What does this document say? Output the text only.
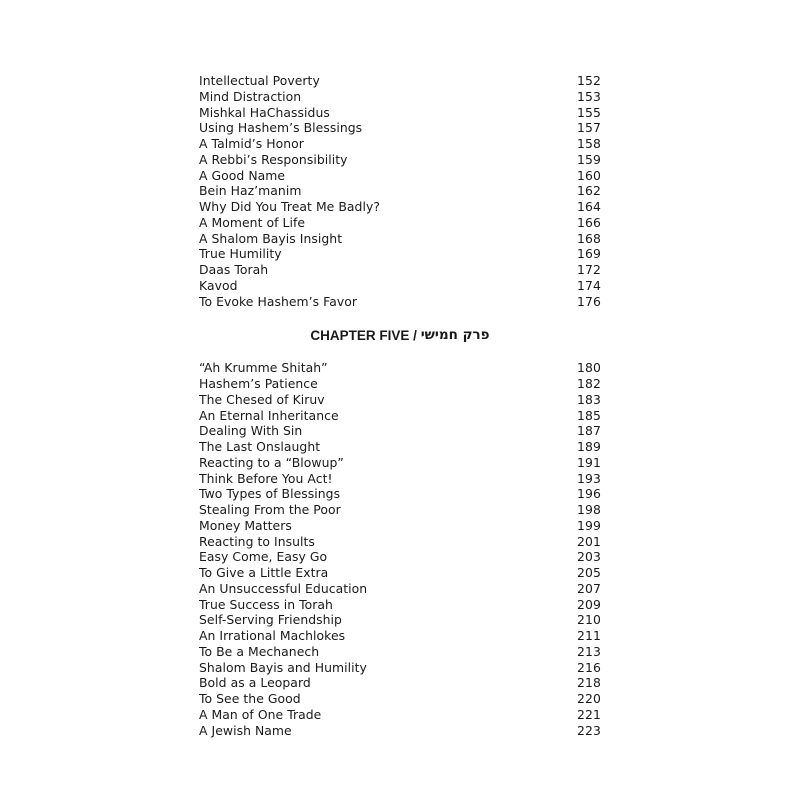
Intellectual Poverty	152
Mind Distraction	153
Mishkal HaChassidus	155
Using Hashem’s Blessings	157
A Talmid’s Honor	158
A Rebbi’s Responsibility	159
A Good Name	160
Bein Haz’manim	162
Why Did You Treat Me Badly?	164
A Moment of Life	166
A Shalom Bayis Insight	168
True Humility	169
Daas Torah	172
Kavod	174
To Evoke Hashem’s Favor	176
CHAPTER FIVE /
פרק חמישי
“Ah Krumme Shitah”	180
Hashem’s Patience	182
The Chesed of Kiruv	183
An Eternal Inheritance	185
Dealing With Sin	187
The Last Onslaught	189
Reacting to a “Blowup”	191
Think Before You Act!	193
Two Types of Blessings	196
Stealing From the Poor	198
Money Matters	199
Reacting to Insults	201
Easy Come, Easy Go	203
To Give a Little Extra	205
An Unsuccessful Education	207
True Success in Torah	209
Self-Serving Friendship	210
An Irrational Machlokes	211
To Be a Mechanech	213
Shalom Bayis and Humility	216
Bold as a Leopard	218
To See the Good	220
A Man of One Trade	221
A Jewish Name	223
